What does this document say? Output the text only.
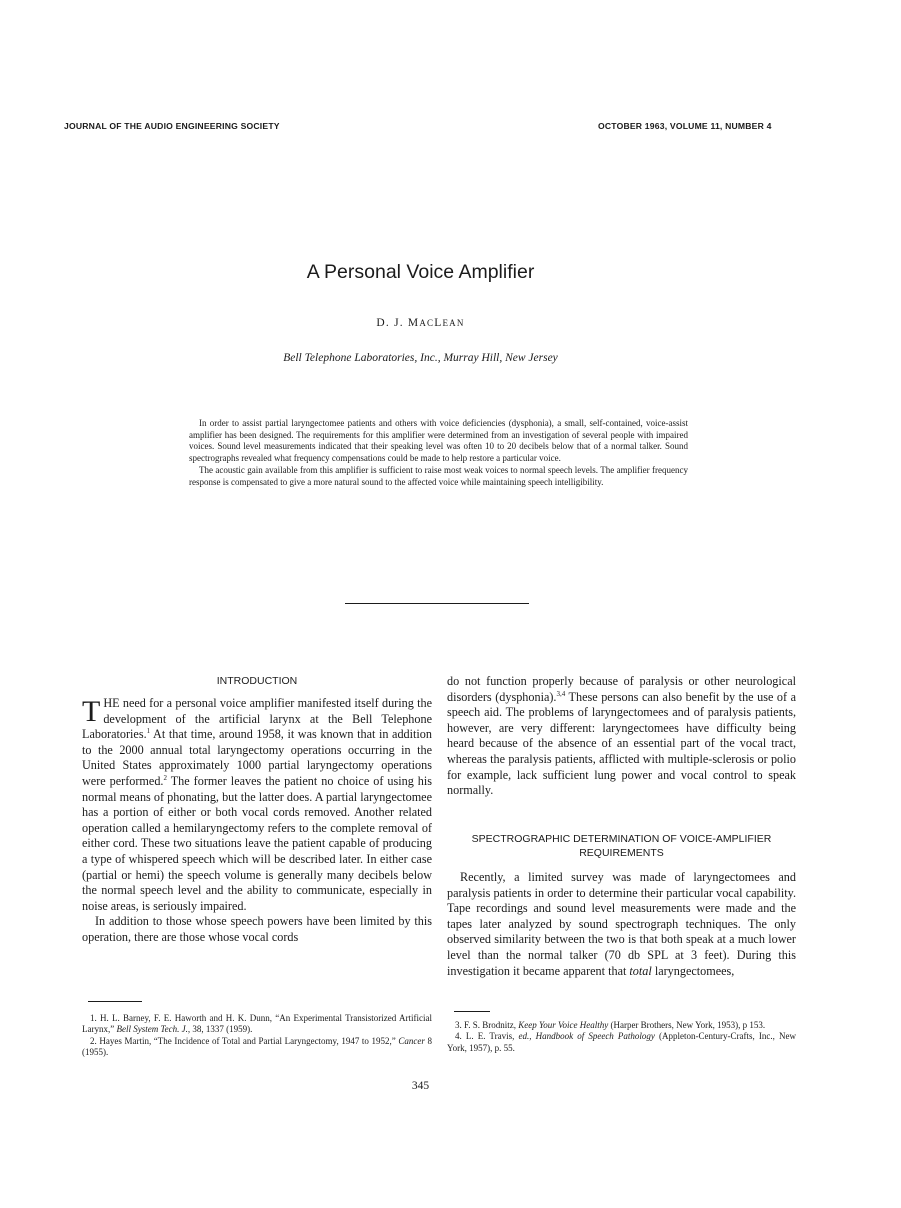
JOURNAL OF THE AUDIO ENGINEERING SOCIETY	OCTOBER 1963, VOLUME 11, NUMBER 4
A Personal Voice Amplifier
D. J. MACLEAN
Bell Telephone Laboratories, Inc., Murray Hill, New Jersey

In order to assist partial laryngectomee patients and others with voice deficiencies (dysphonia), a small, self-contained, voice-assist amplifier has been designed. The requirements for this amplifier were determined from an investigation of several people with impaired voices. Sound level measurements indicated that their speaking level was often 10 to 20 decibels below that of a normal talker. Sound spectrographs revealed what frequency compensations could be made to help restore a particular voice.

The acoustic gain available from this amplifier is sufficient to raise most weak voices to normal speech levels. The amplifier frequency response is compensated to give a more natural sound to the affected voice while maintaining speech intelligibility.

INTRODUCTION

THE need for a personal voice amplifier manifested itself during the development of the artificial larynx at the Bell Telephone Laboratories.$^1$ At that time, around 1958, it was known that in addition to the 2000 annual total laryngectomy operations occurring in the United States approximately 1000 partial laryngectomy operations were performed.$^2$ The former leaves the patient no choice of using his normal means of phonating, but the latter does. A partial laryngectomee has a portion of either or both vocal cords removed. Another related operation called a hemilaryngectomy refers to the complete removal of either cord. These two situations leave the patient capable of producing a type of whispered speech which will be described later. In either case (partial or hemi) the speech volume is generally many decibels below the normal speech level and the ability to communicate, especially in noise areas, is seriously impaired.

In addition to those whose speech powers have been limited by this operation, there are those whose vocal cords

1. H. L. Barney, F. E. Haworth and H. K. Dunn, “An Experimental Transistorized Artificial Larynx,” Bell System Tech. J., 38, 1337 (1959).

2. Hayes Martin, “The Incidence of Total and Partial Laryngectomy, 1947 to 1952,” Cancer 8 (1955).

do not function properly because of paralysis or other neurological disorders (dysphonia).$^{3,4}$ These persons can also benefit by the use of a speech aid. The problems of laryngectomees and of paralysis patients, however, are very different: laryngectomees have difficulty being heard because of the absence of an essential part of the vocal tract, whereas the paralysis patients, afflicted with multiple-sclerosis or polio for example, lack sufficient lung power and vocal control to speak normally.

SPECTROGRAPHIC DETERMINATION OF VOICE-AMPLIFIER REQUIREMENTS

Recently, a limited survey was made of laryngectomees and paralysis patients in order to determine their particular vocal capability. Tape recordings and sound level measurements were made and the tapes later analyzed by sound spectrograph techniques. The only observed similarity between the two is that both speak at a much lower level than the normal talker (70 db SPL at 3 feet). During this investigation it became apparent that total laryngectomees,

3. F. S. Brodnitz, Keep Your Voice Healthy (Harper Brothers, New York, 1953), p 153.

4. L. E. Travis, ed., Handbook of Speech Pathology (Appleton-Century-Crafts, Inc., New York, 1957), p. 55.

345
